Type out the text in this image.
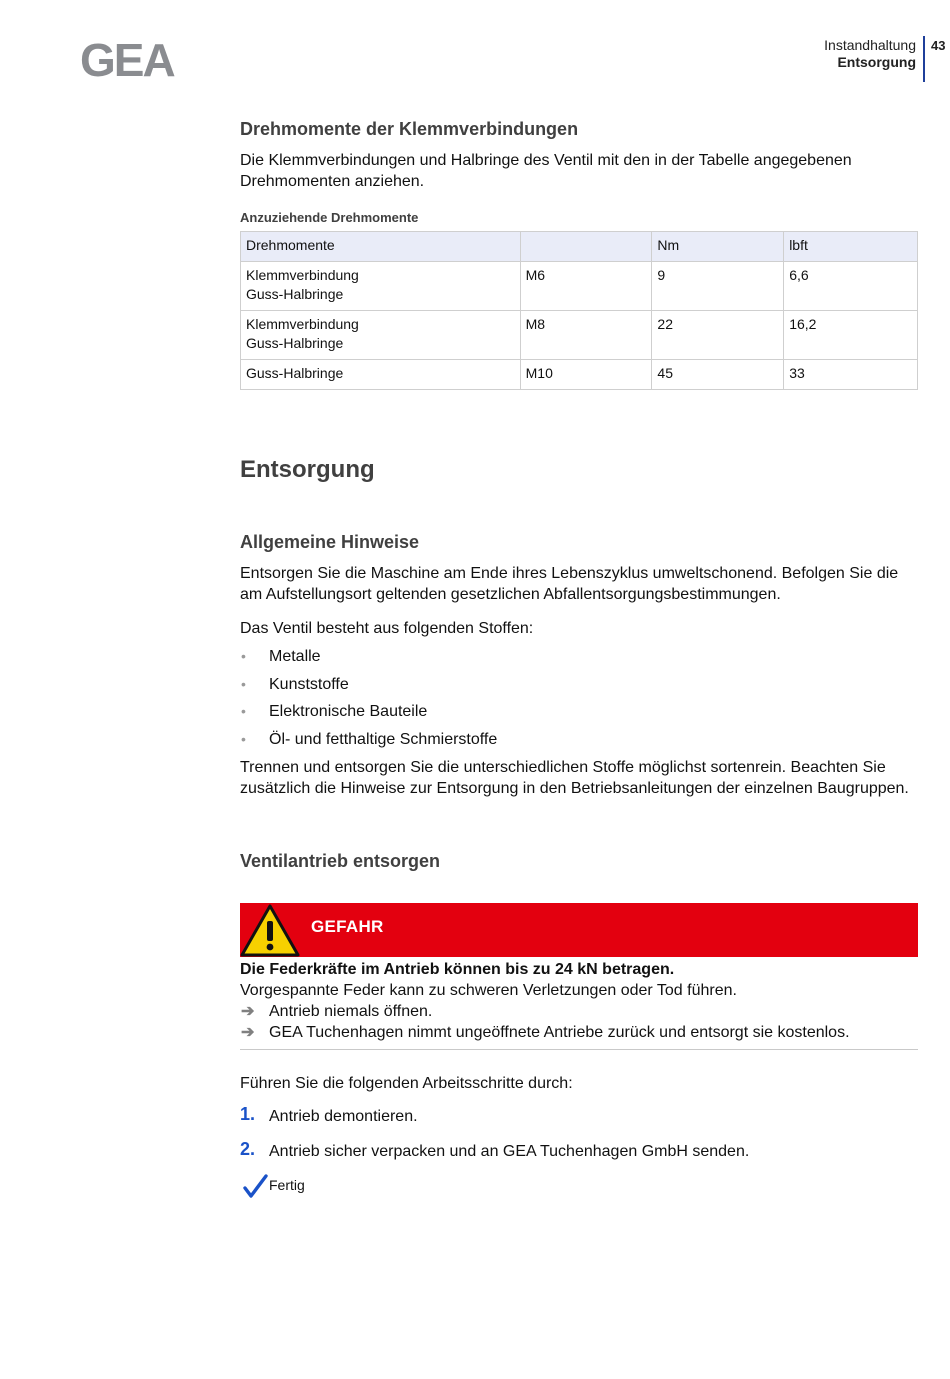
GEA	Instandhaltung
Entsorgung
43
Drehmomente der Klemmverbindungen

Die Klemmverbindungen und Halbringe des Ventil mit den in der Tabelle angegebenen Drehmomenten anziehen.

Anzuziehende Drehmomente
Drehmomente		Nm	lbft

Klemmverbindung
Guss-Halbringe	M6	9	6,6

Klemmverbindung
Guss-Halbringe	M8	22	16,2

Guss-Halbringe	M10	45	33
Entsorgung
Allgemeine Hinweise

Entsorgen Sie die Maschine am Ende ihres Lebenszyklus umweltschonend. Befolgen Sie die am Aufstellungsort geltenden gesetzlichen Abfallentsorgungsbestimmungen.

Das Ventil besteht aus folgenden Stoffen:

• Metalle
• Kunststoffe
• Elektronische Bauteile
• Öl- und fetthaltige Schmierstoffe

Trennen und entsorgen Sie die unterschiedlichen Stoffe möglichst sortenrein. Beachten Sie zusätzlich die Hinweise zur Entsorgung in den Betriebsanleitungen der einzelnen Baugruppen.

Ventilantrieb entsorgen
GEFAHR

Die Federkräfte im Antrieb können bis zu 24 kN betragen.

Vorgespannte Feder kann zu schweren Verletzungen oder Tod führen.

➔ Antrieb niemals öffnen.
➔ GEA Tuchenhagen nimmt ungeöffnete Antriebe zurück und entsorgt sie kostenlos.

Führen Sie die folgenden Arbeitsschritte durch:

1. Antrieb demontieren.
2. Antrieb sicher verpacken und an GEA Tuchenhagen GmbH senden.
Fertig
